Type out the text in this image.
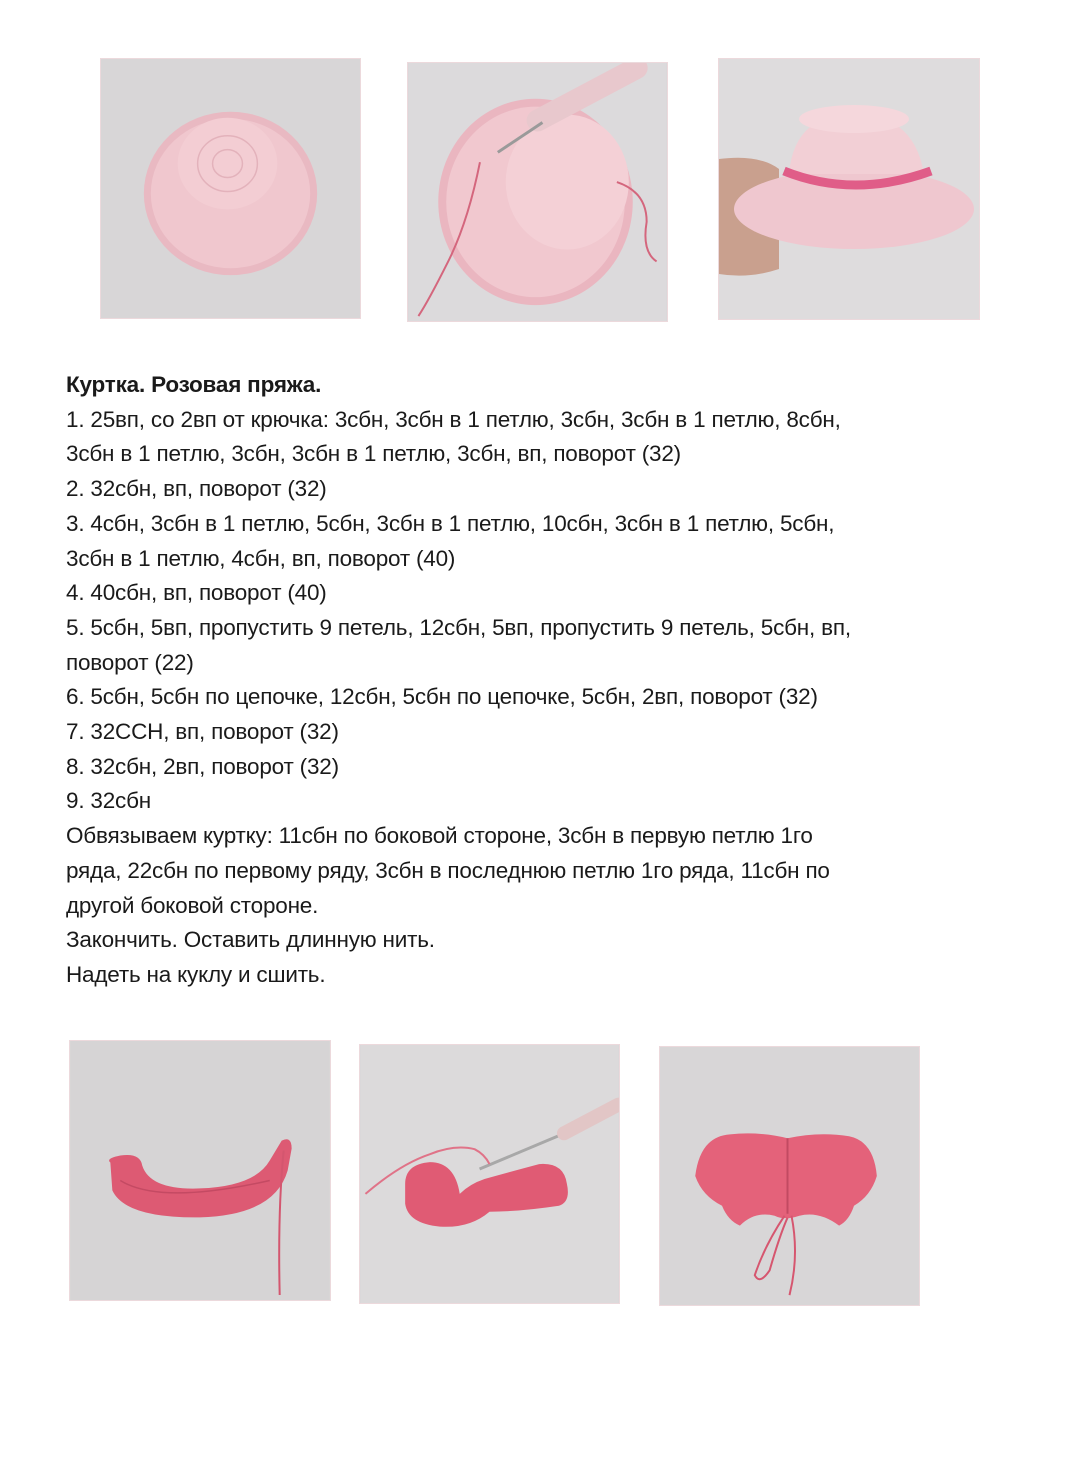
Куртка. Розовая пряжа.
1. 25вп, со 2вп от крючка: 3сбн, 3сбн в 1 петлю, 3сбн, 3сбн в 1 петлю, 8сбн,
3сбн в 1 петлю, 3сбн, 3сбн в 1 петлю, 3сбн, вп, поворот (32)
2. 32сбн, вп, поворот (32)
3. 4сбн, 3сбн в 1 петлю, 5сбн, 3сбн в 1 петлю, 10сбн, 3сбн в 1 петлю, 5сбн,
3сбн в 1 петлю, 4сбн, вп, поворот (40)
4. 40сбн, вп, поворот (40)
5. 5сбн, 5вп, пропустить 9 петель, 12сбн, 5вп, пропустить 9 петель, 5сбн, вп,
поворот (22)
6. 5сбн, 5сбн по цепочке, 12сбн, 5сбн по цепочке, 5сбн, 2вп, поворот (32)
7. 32ССН, вп, поворот (32)
8. 32сбн, 2вп, поворот (32)
9. 32сбн
Обвязываем куртку: 11сбн по боковой стороне, 3сбн в первую петлю 1го
ряда, 22сбн по первому ряду, 3сбн в последнюю петлю 1го ряда, 11сбн по
другой боковой стороне.
Закончить. Оставить длинную нить.
Надеть на куклу и сшить.
